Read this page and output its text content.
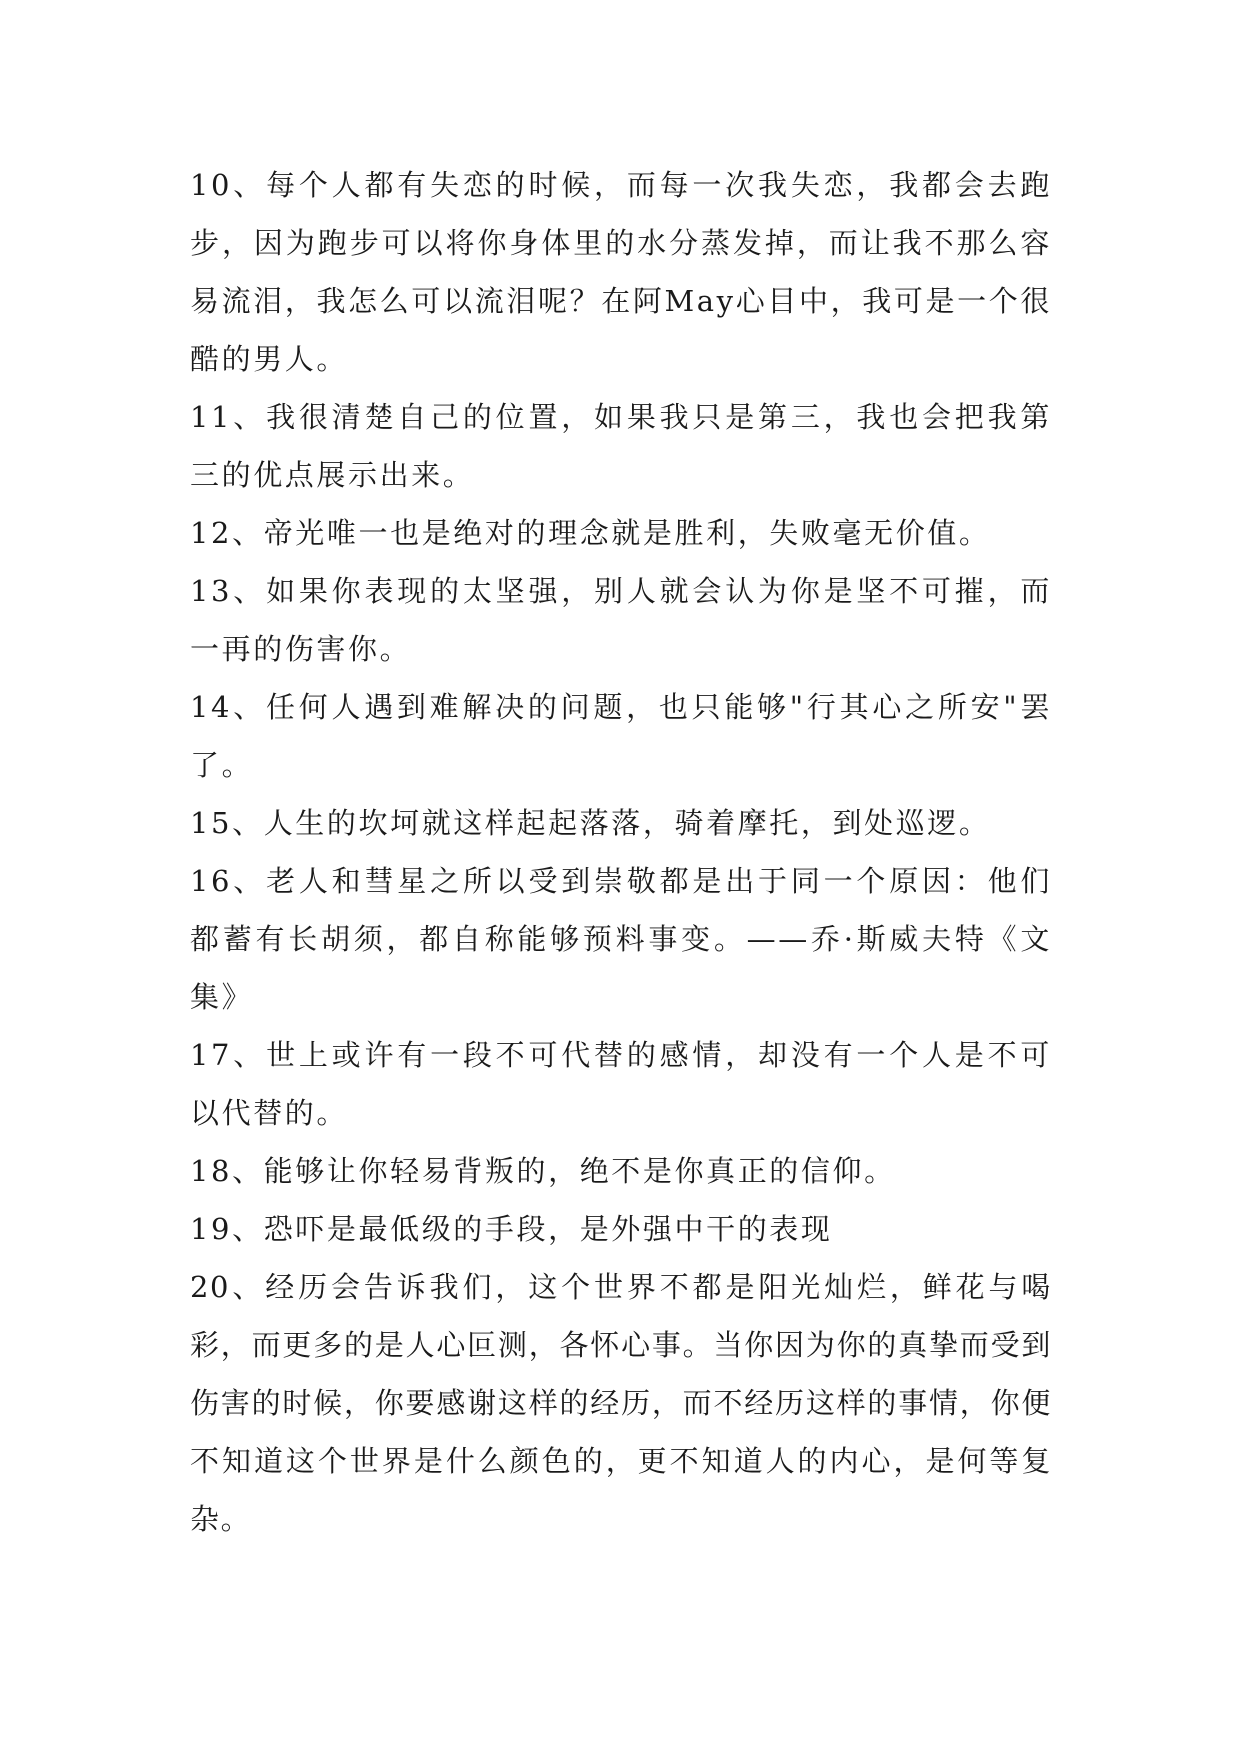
10、每个人都有失恋的时候，而每一次我失恋，我都会去跑步，因为跑步可以将你身体里的水分蒸发掉，而让我不那么容易流泪，我怎么可以流泪呢？在阿May心目中，我可是一个很酷的男人。

11、我很清楚自己的位置，如果我只是第三，我也会把我第三的优点展示出来。

12、帝光唯一也是绝对的理念就是胜利，失败毫无价值。

13、如果你表现的太坚强，别人就会认为你是坚不可摧，而一再的伤害你。

14、任何人遇到难解决的问题，也只能够"行其心之所安"罢了。

15、人生的坎坷就这样起起落落，骑着摩托，到处巡逻。

16、老人和彗星之所以受到崇敬都是出于同一个原因：他们都蓄有长胡须，都自称能够预料事变。——乔·斯威夫特《文集》

17、世上或许有一段不可代替的感情，却没有一个人是不可以代替的。

18、能够让你轻易背叛的，绝不是你真正的信仰。

19、恐吓是最低级的手段，是外强中干的表现

20、经历会告诉我们，这个世界不都是阳光灿烂，鲜花与喝彩，而更多的是人心叵测，各怀心事。当你因为你的真挚而受到伤害的时候，你要感谢这样的经历，而不经历这样的事情，你便不知道这个世界是什么颜色的，更不知道人的内心，是何等复杂。
